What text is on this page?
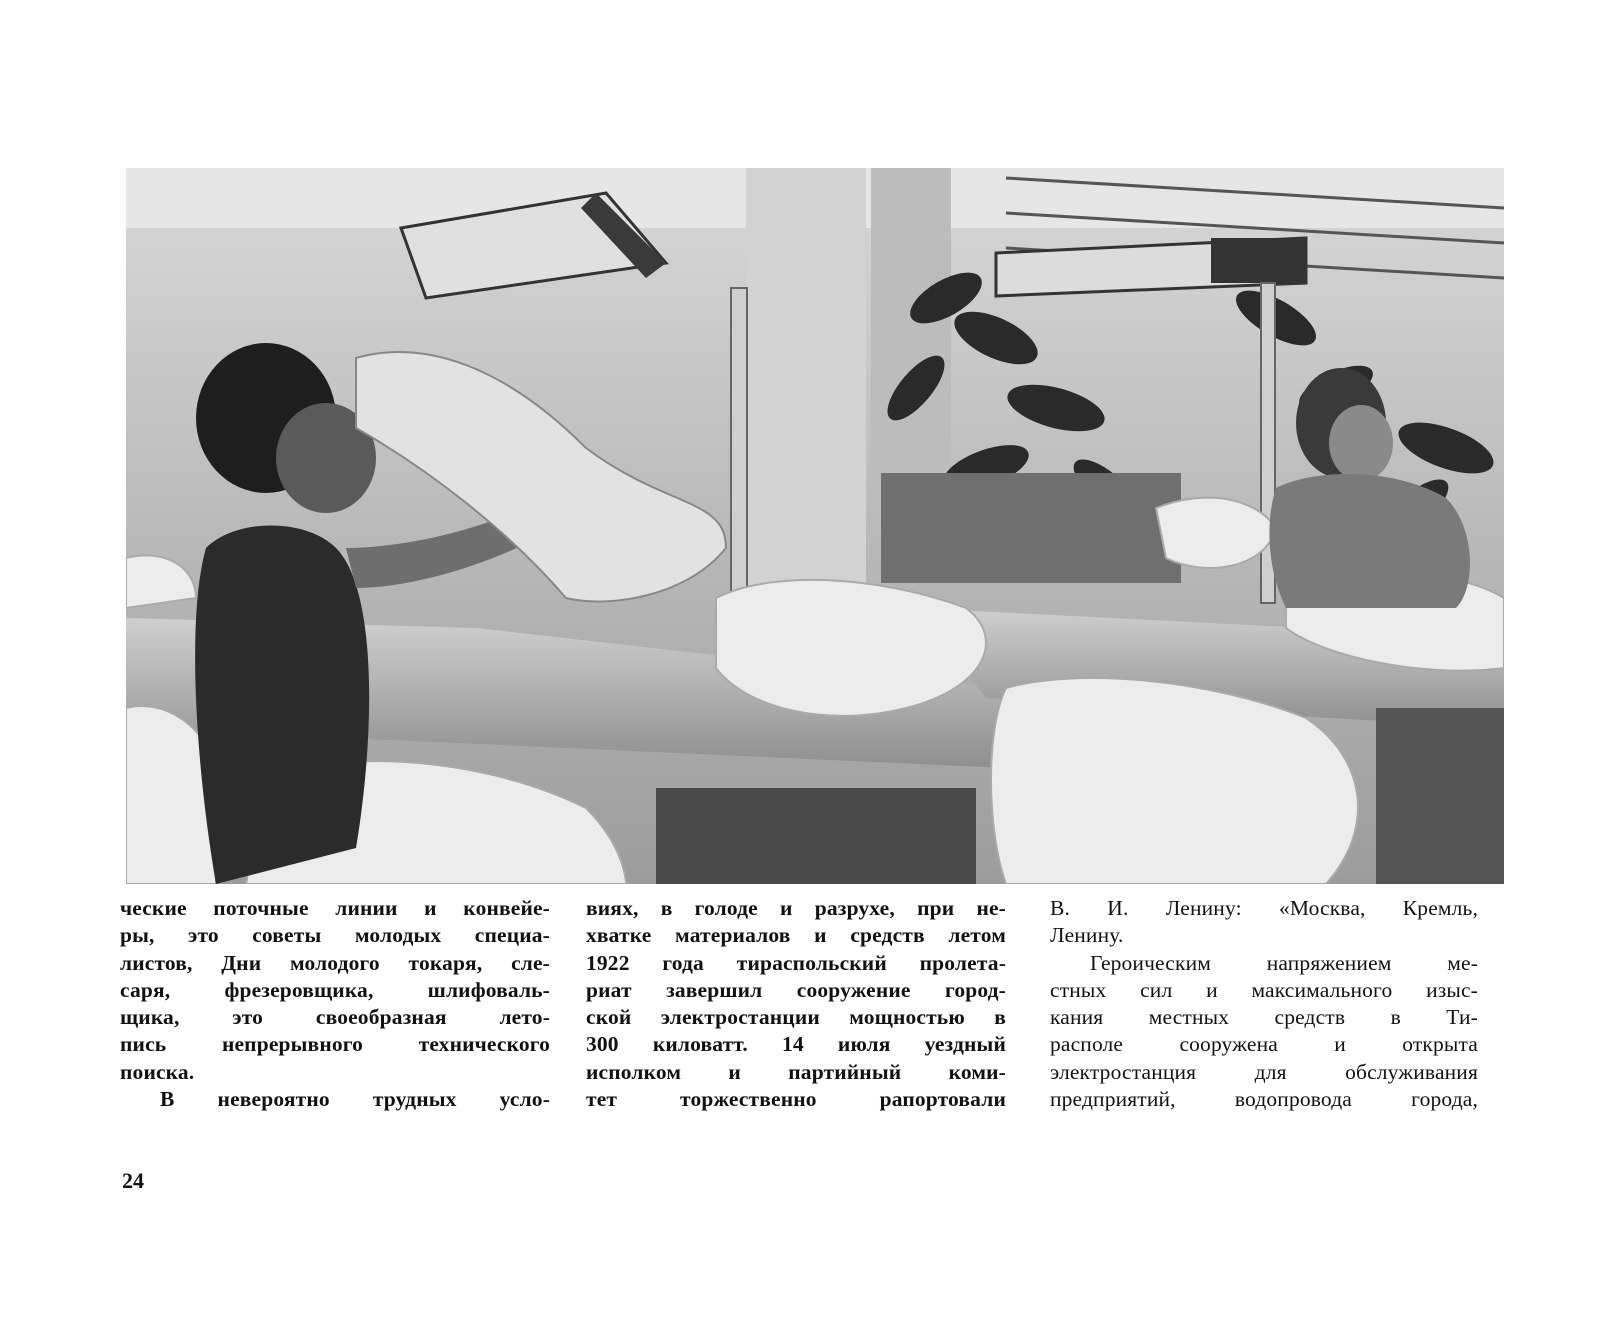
ческие поточные линии и конвейе-
ры, это советы молодых специа-
листов, Дни молодого токаря, сле-
саря, фрезеровщика, шлифоваль-
щика, это своеобразная лето-
пись непрерывного технического
поиска.
В невероятно трудных усло-
виях, в голоде и разрухе, при не-
хватке материалов и средств летом
1922 года тираспольский пролета-
риат завершил сооружение город-
ской электростанции мощностью в
300 киловатт. 14 июля уездный
исполком и партийный коми-
тет торжественно рапортовали
В. И. Ленину: «Москва, Кремль,
Ленину.
Героическим напряжением ме-
стных сил и максимального изыс-
кания местных средств в Ти-
располе сооружена и открыта
электростанция для обслуживания
предприятий, водопровода города,
24
